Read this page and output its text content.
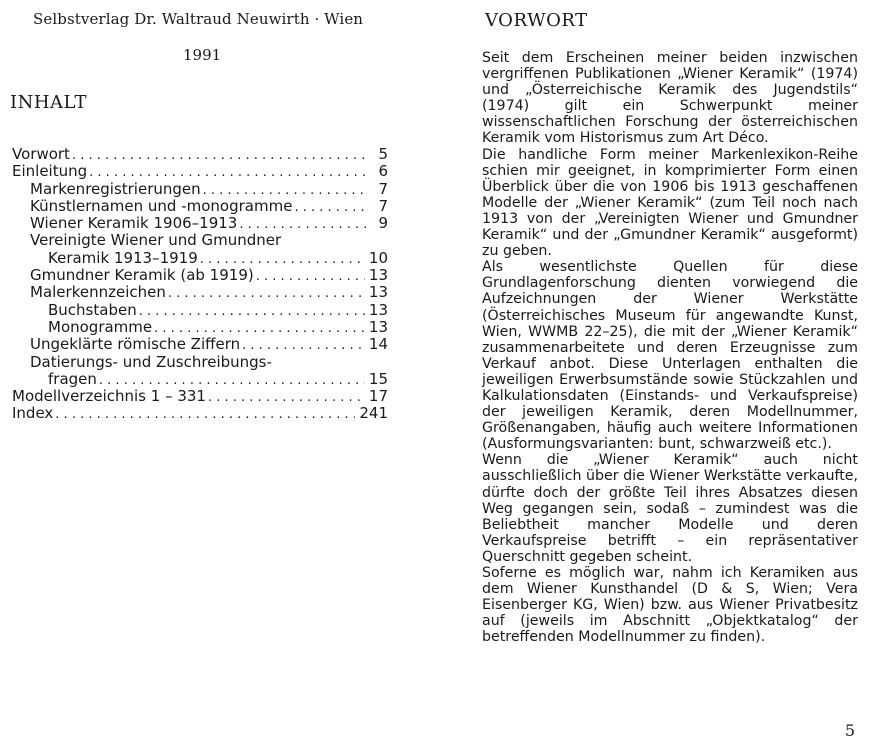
Selbstverlag Dr. Waltraud Neuwirth · Wien
1991
INHALT
Vorwort . . .	5
Einleitung . . .	6
Markenregistrierungen . . .	7
Künstlernamen und -monogramme . . .	7
Wiener Keramik 1906–1913 . . .	9
Vereinigte Wiener und Gmundner
Keramik 1913–1919 . . .	10
Gmundner Keramik (ab 1919) . . .	13
Malerkennzeichen . . .	13
Buchstaben . . .	13
Monogramme . . .	13
Ungeklärte römische Ziffern . . .	14
Datierungs- und Zuschreibungs-
fragen . . .	15
Modellverzeichnis 1 – 331 . . .	17
Index . . .	241
VORWORT

Seit dem Erscheinen meiner beiden inzwischen vergriffenen Publikationen „Wiener Keramik“ (1974) und „Österreichische Keramik des Jugendstils“ (1974) gilt ein Schwerpunkt meiner wissenschaftlichen Forschung der österreichischen Keramik vom Historismus zum Art Déco.

Die handliche Form meiner Markenlexikon-Reihe schien mir geeignet, in komprimierter Form einen Überblick über die von 1906 bis 1913 geschaffenen Modelle der „Wiener Keramik“ (zum Teil noch nach 1913 von der „Vereinigten Wiener und Gmundner Keramik“ und der „Gmundner Keramik“ ausgeformt) zu geben.

Als wesentlichste Quellen für diese Grundlagenforschung dienten vorwiegend die Aufzeichnungen der Wiener Werkstätte (Österreichisches Museum für angewandte Kunst, Wien, WWMB 22–25), die mit der „Wiener Keramik“ zusammenarbeitete und deren Erzeugnisse zum Verkauf anbot. Diese Unterlagen enthalten die jeweiligen Erwerbsumstände sowie Stückzahlen und Kalkulationsdaten (Einstands- und Verkaufspreise) der jeweiligen Keramik, deren Modellnummer, Größenangaben, häufig auch weitere Informationen (Ausformungsvarianten: bunt, schwarzweiß etc.).

Wenn die „Wiener Keramik“ auch nicht ausschließlich über die Wiener Werkstätte verkaufte, dürfte doch der größte Teil ihres Absatzes diesen Weg gegangen sein, sodaß – zumindest was die Beliebtheit mancher Modelle und deren Verkaufspreise betrifft – ein repräsentativer Querschnitt gegeben scheint.

Soferne es möglich war, nahm ich Keramiken aus dem Wiener Kunsthandel (D & S, Wien; Vera Eisenberger KG, Wien) bzw. aus Wiener Privatbesitz auf (jeweils im Abschnitt „Objektkatalog“ der betreffenden Modellnummer zu finden).

5
